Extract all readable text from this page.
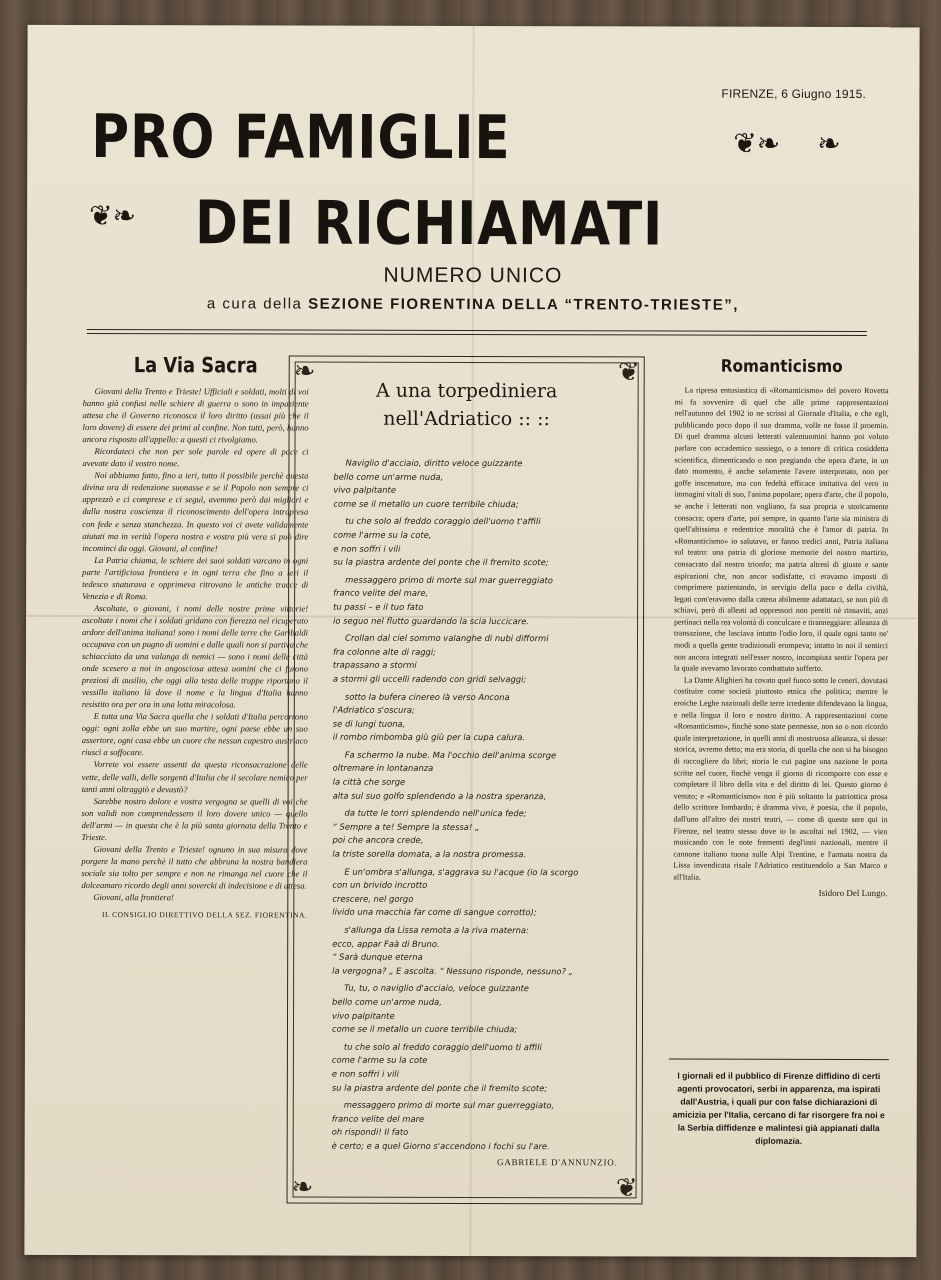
FIRENZE, 6 Giugno 1915.
PRO FAMIGLIE
DEI RICHIAMATI
❦❧ ❧
❦❧
NUMERO UNICO
a cura della SEZIONE FIORENTINA DELLA “TRENTO-TRIESTE”,
La Via Sacra

Giovani della Trento e Trieste! Ufficiali e soldati, molti di voi hanno già confusi nelle schiere di guerra o sono in impaziente attesa che il Governo riconosca il loro diritto (assai più che il loro dovere) di essere dei primi al confine. Non tutti, però, hanno ancora risposto all'appello: a questi ci rivolgiamo.

Ricordateci che non per sole parole ed opere di pace ci avevate dato il vostro nome.

Noi abbiamo fatto, fino a ieri, tutto il possibile perchè questa divina ora di redenzione suonasse e se il Popolo non sempre ci apprezzò e ci comprese e ci seguì, avemmo però dai migliori e dalla nostra coscienza il riconoscimento dell'opera intrapresa con fede e senza stanchezza. In questo voi ci avete validamente aiutati ma in verità l'opera nostra e vostra più vera si può dire incominci da oggi. Giovani, al confine!

La Patria chiama, le schiere dei suoi soldati varcano in ogni parte l'artificiosa frontiera e in ogni terra che fino a ieri il tedesco snaturava e opprimeva ritrovano le antiche tracce di Venezia e di Roma.

Ascoltate, o giovani, i nomi delle nostre prime vittorie! ascoltate i nomi che i soldati gridano con fierezza nel ricuperato ardore dell'anima italiana! sono i nomi delle terre che Garibaldi occupava con un pugno di uomini e dalle quali non si partiva che schiacciato da una valanga di nemici — sono i nomi delle città onde scesero a noi in angosciosa attesa uomini che ci furono preziosi di ausilio, che oggi alla testa delle truppe riportano il vessillo italiano là dove il nome e la lingua d'Italia hanno resistito ora per ora in una lotta miracolosa.

E tutta una Via Sacra quella che i soldati d'Italia percorrono oggi: ogni zolla ebbe un suo martire, ogni paese ebbe un suo assertore, ogni casa ebbe un cuore che nessun capestro austriaco riuscì a soffocare.

Vorrete voi essere assenti da questa riconsacrazione delle vette, delle valli, delle sorgenti d'Italia che il secolare nemico per tanti anni oltraggiò e devastò?

Sarebbe nostro dolore e vostra vergogna se quelli di voi che son validi non comprendessero il loro dovere unico — quello dell'armi — in questa che è la più santa giornata della Trento e Trieste.

Giovani della Trento e Trieste! ognuno in sua misura dove porgere la mano perchè il tutto che abbruna la nostra bandiera sociale sia tolto per sempre e non ne rimanga nel cuore che il dolceamaro ricordo degli anni sovercki di indecisione e di attesa.

Giovani, alla frontiera!

IL CONSIGLIO DIRETTIVO DELLA SEZ. FIORENTINA.

❧	❦
❧	❦
A una torpediniera
nell'Adriatico :: ::
Naviglio d'acciaio, diritto veloce guizzante
bello come un'arme nuda,
vivo palpitante
come se il metallo un cuore terribile chiuda;
tu che solo al freddo coraggio dell'uomo t'affili
come l'arme su la cote,
e non soffri i vili
su la piastra ardente del ponte che il fremito scote;
messaggero primo di morte sul mar guerreggiato
franco velite del mare,
tu passi – e il tuo fato
io seguo nel flutto guardando la scia luccicare.
Crollan dal ciel sommo valanghe di nubi difformi
fra colonne alte di raggi;
trapassano a stormi
a stormi gli uccelli radendo con gridi selvaggi;
sotto la bufera cinereo là verso Ancona
l'Adriatico s'oscura;
se di lungi tuona,
il rombo rimbomba giù giù per la cupa calura.
Fa schermo la nube. Ma l'occhio dell'anima scorge
oltremare in lontananza
la città che sorge
alta sul suo golfo splendendo a la nostra speranza,
da tutte le torri splendendo nell'unica fede;
“ Sempre a te! Sempre la stessa! „
poi che ancora crede,
la triste sorella domata, a la nostra promessa.
E un'ombra s'allunga, s'aggrava su l'acque (io la scorgo
con un brivido incrotto
crescere, nel gorgo
livido una macchia far come di sangue corrotto);
s'allunga da Lissa remota a la riva materna:
ecco, appar Faà di Bruno.
“ Sarà dunque eterna
la vergogna? „ E ascolta. “ Nessuno risponde, nessuno? „
Tu, tu, o naviglio d'acciaio, veloce guizzante
bello come un'arme nuda,
vivo palpitante
come se il metallo un cuore terribile chiuda;
tu che solo al freddo coraggio dell'uomo ti affili
come l'arme su la cote
e non soffri i vili
su la piastra ardente del ponte che il fremito scote;
messaggero primo di morte sul mar guerreggiato,
franco velite del mare
oh rispondi! Il fato
è certo; e a quel Giorno s'accendono i fochi su l'are.
GABRIELE D'ANNUNZIO.
Romanticismo

La ripresa entusiastica di «Romanticismo» del povero Rovetta mi fa sovvenire di quel che alle prime rappresentazioni nell'autunno del 1902 io ne scrissi al Giornale d'Italia, e che egli, pubblicando poco dopo il suo dramma, volle ne fosse il proemio. Di quel dramma alcuni letterati valentuomini hanno poi voluto parlare con accademico sussiego, o a tenore di critica cosiddetta scientifica, dimenticando o non pregiando che opera d'arte, in un dato momento, è anche solamente l'avere interpretato, non per goffe inscenature, ma con fedeltà efficace imitativa del vero in immagini vitali di suo, l'anima popolare; opera d'arte, che il popolo, se anche i letterati non vogliano, fa sua propria e storicamente consacra; opera d'arte, poi sempre, in quanto l'arte sia ministra di quell'altissima e redentrice moralità che è l'amor di patria. In «Romanticismo» io salutavo, or fanno tredici anni, Patria italiana sul teatro: una patria di gloriose memorie del nostro martirio, consacrato dal nostro trionfo; ma patria altresì di giuste e sante aspirazioni che, non ancor sodisfatte, ci eravamo imposti di comprimere pazientando, in servigio della pace e della civiltà, legati com'eravamo dalla catena abilmente adattataci, se non più di schiavi, però di alleati ad oppressori non pentiti nè rinsaviti, anzi pertinaci nella rea volontà di conculcare e tiranneggiare: alleanza di transazione, che lasciava intatto l'odio loro, il quale ogni tanto ne' modi a quella gente tradizionali erompeva; intatto in noi il sentirci non ancora integrati nell'esser nostro, incompiuta sentir l'opera per la quale avevamo lavorato combattuto sofferto.

La Dante Alighieri ha covato quel fuoco sotto le ceneri, dovutasi costituire come società piuttosto etnica che politica; mentre le eroiche Leghe nazionali delle terre irredente difendevano la lingua, e nella lingua il loro e nostro diritto. A rappresentazioni come «Romanticismo», finchè sono state permesse, non so o non ricordo quale interpretazione, in quelli anni di mostruosa alleanza, si desse: storica, avremo detto; ma era storia, di quella che non si ha bisogno di raccogliere da libri; storia le cui pagine una nazione le porta scritte nel cuore, finchè venga il giorno di ricomporre con esse e completare il libro della vita e del diritto di lei. Questo giorno è venuto; e «Romanticismo» non è più soltanto la patriottica prosa dello scrittore lombardo; è dramma vivo, è poesia, che il popolo, dall'uno all'altro dei nostri teatri, — come di queste sere qui in Firenze, nel teatro stesso dove io lo ascoltai nel 1902, — vien musicando con le note frementi degl'inni nazionali, mentre il cannone italiano tuona sulle Alpi Trentine, e l'armata nostra da Lissa invendicata risale l'Adriatico restituendolo a San Marco e all'Italia.

Isidoro Del Lungo.

I giornali ed il pubblico di Firenze diffidino di certi agenti provocatori, serbi in apparenza, ma ispirati dall'Austria, i quali pur con false dichiarazioni di amicizia per l'Italia, cercano di far risorgere fra noi e la Serbia diffidenze e malintesi già appianati dalla diplomazia.
